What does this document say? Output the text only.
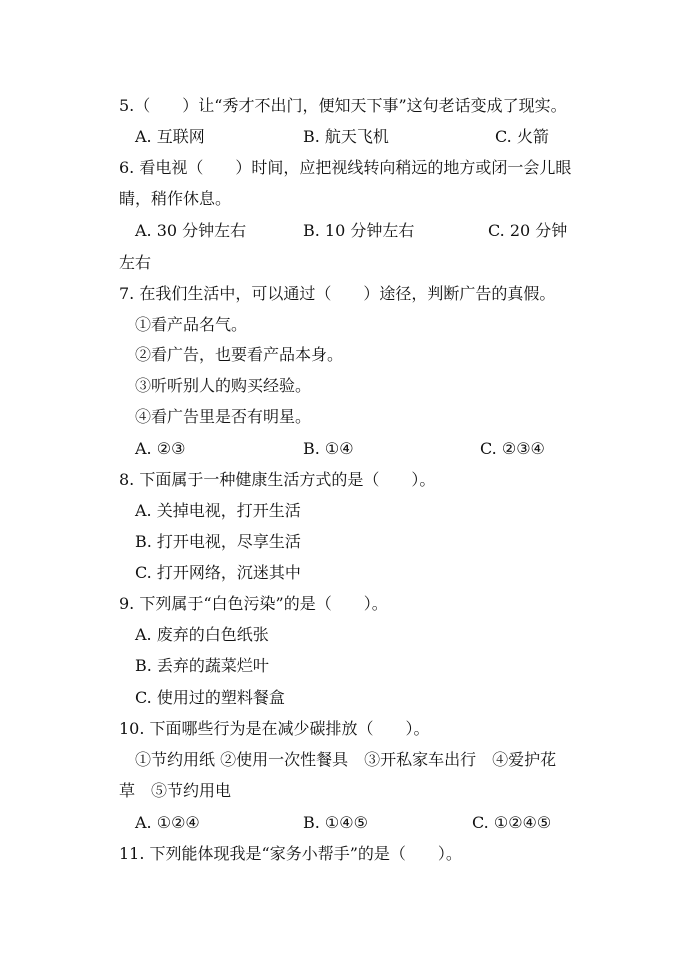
5.（　　）让“秀才不出门，便知天下事”这句老话变成了现实。
A. 互联网	B. 航天飞机	C. 火箭
6. 看电视（　　）时间，应把视线转向稍远的地方或闭一会儿眼
睛，稍作休息。
A. 30 分钟左右	B. 10 分钟左右	C. 20 分钟
左右
7. 在我们生活中，可以通过（　　）途径，判断广告的真假。
①看产品名气。
②看广告，也要看产品本身。
③听听别人的购买经验。
④看广告里是否有明星。
A. ②③	B. ①④	C. ②③④
8. 下面属于一种健康生活方式的是（　　）。
A. 关掉电视，打开生活
B. 打开电视，尽享生活
C. 打开网络，沉迷其中
9. 下列属于“白色污染”的是（　　）。
A. 废弃的白色纸张
B. 丢弃的蔬菜烂叶
C. 使用过的塑料餐盒
10. 下面哪些行为是在减少碳排放（　　）。
①节约用纸 ②使用一次性餐具　③开私家车出行　④爱护花
草　⑤节约用电
A. ①②④	B. ①④⑤	C. ①②④⑤
11. 下列能体现我是“家务小帮手”的是（　　）。
